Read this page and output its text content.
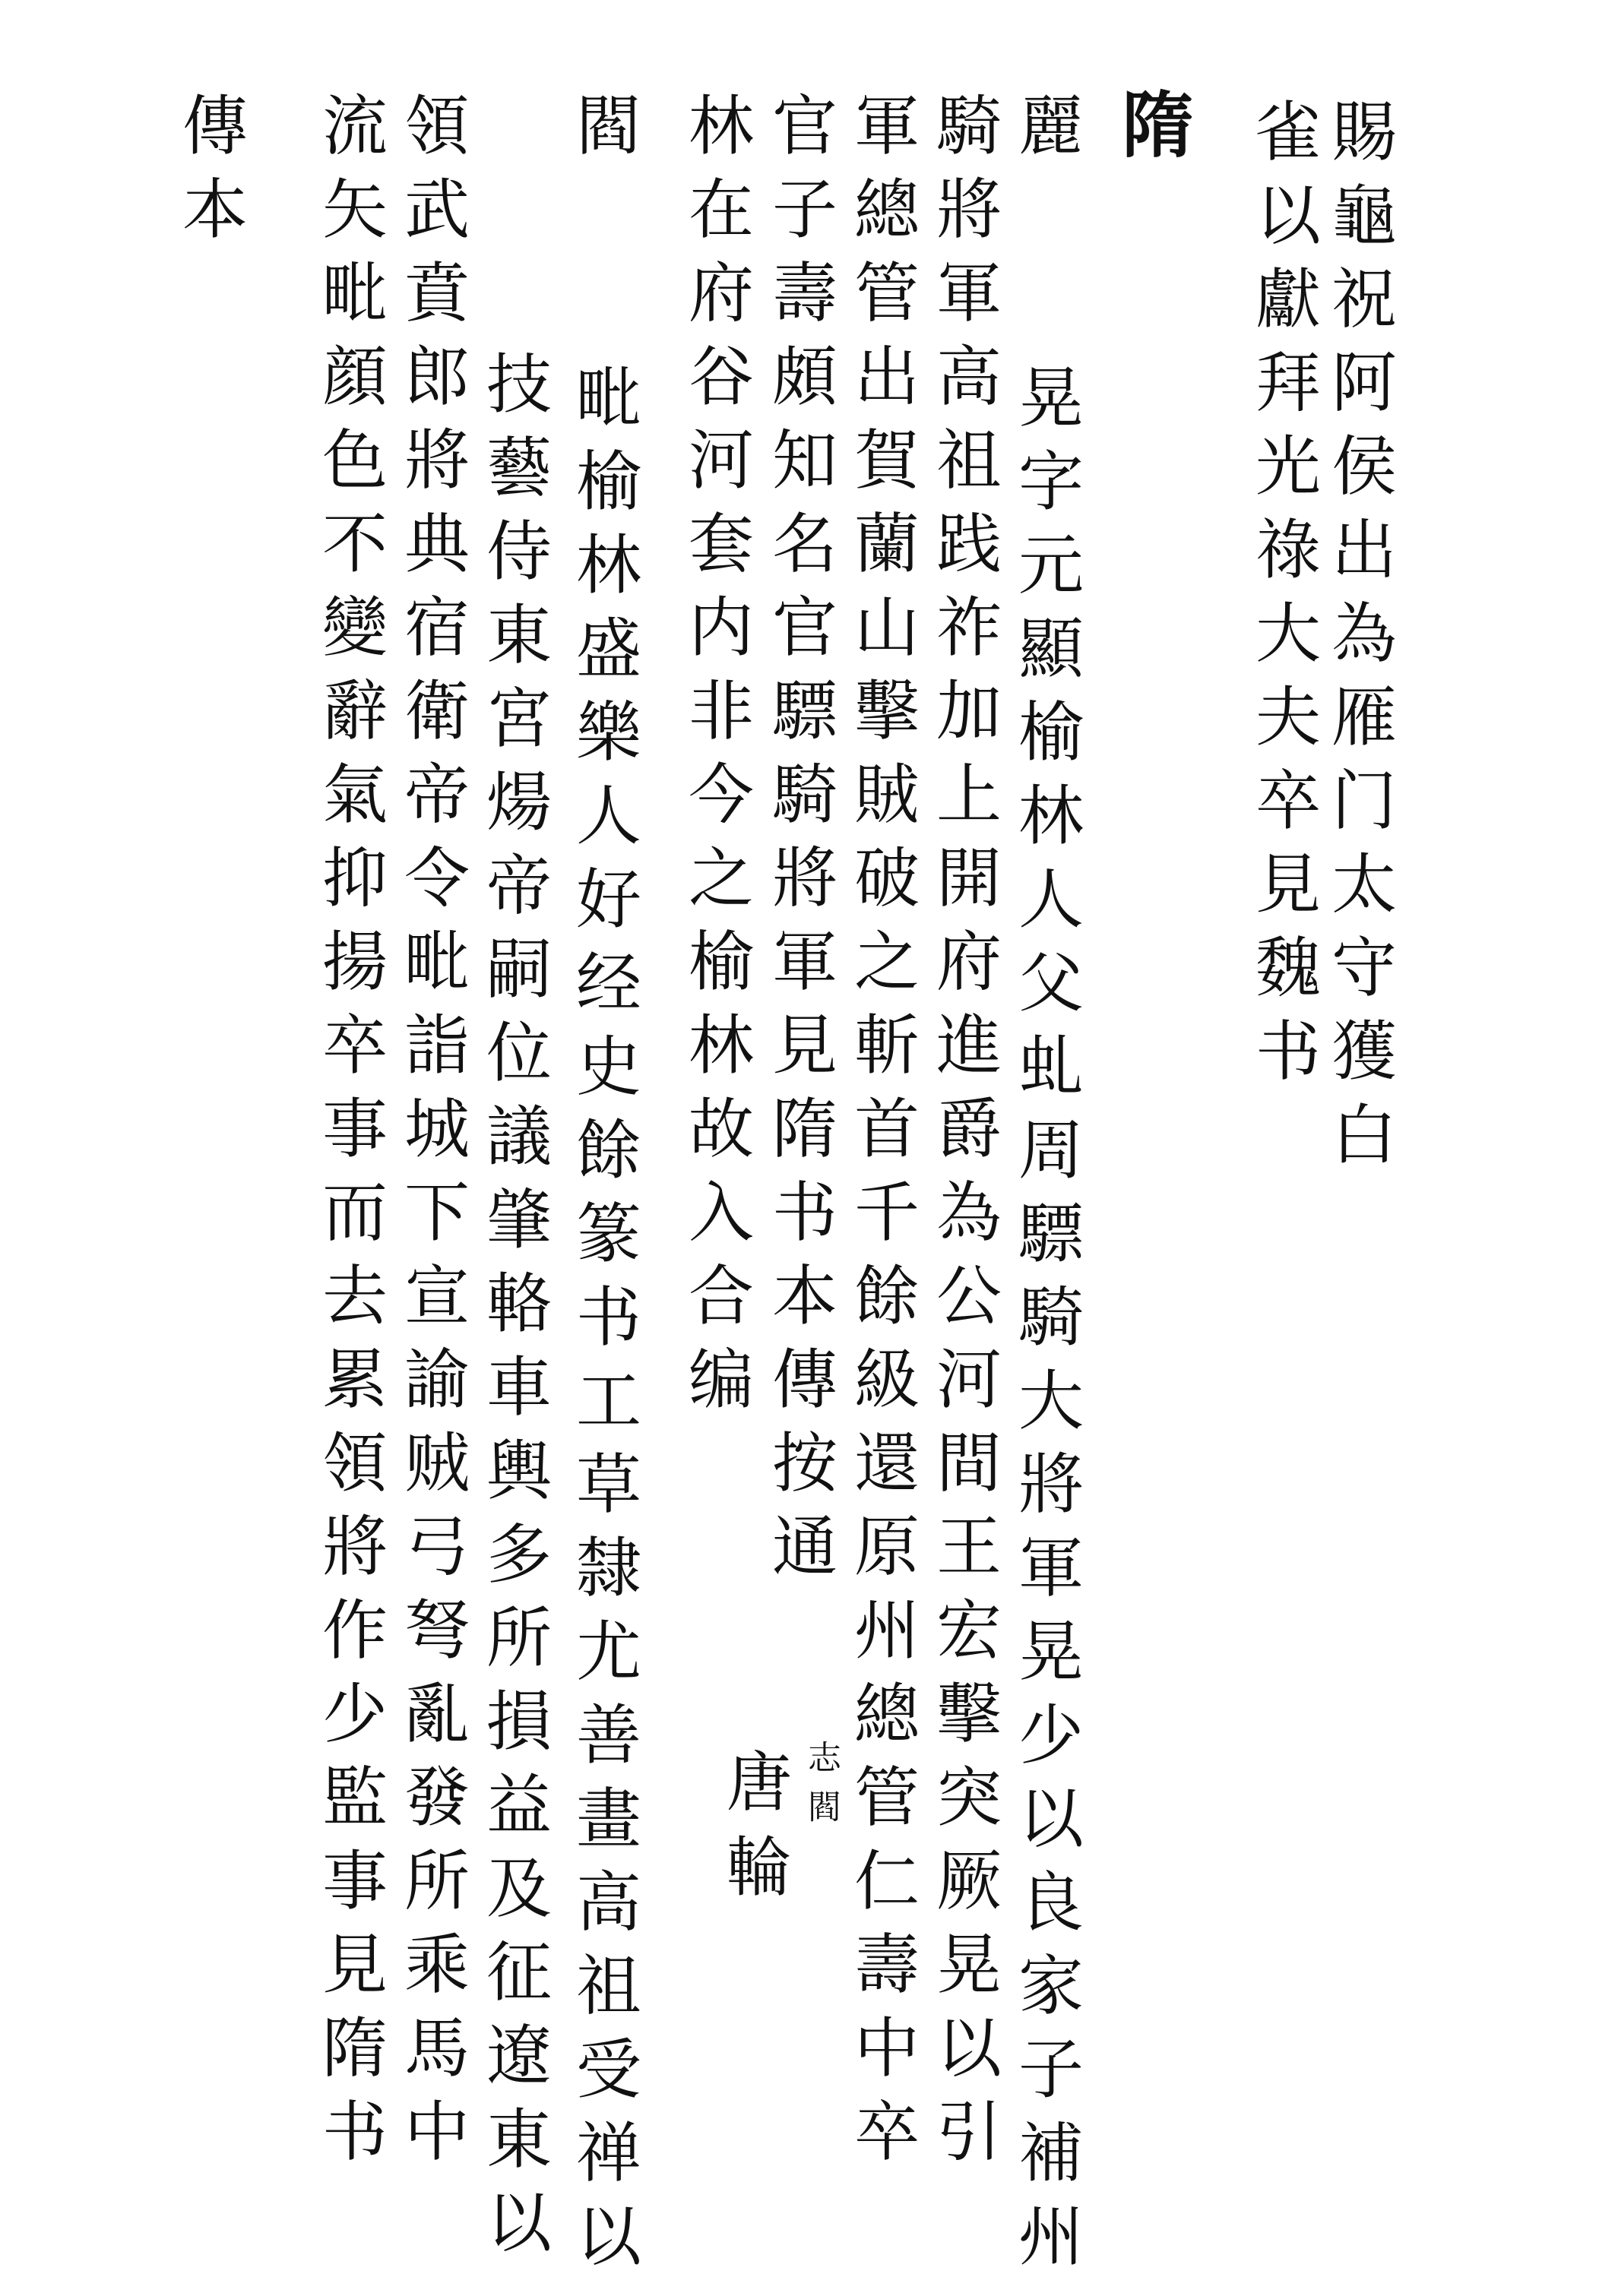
賜龜祝阿侯出為雁门太守獲白
雀以獻拜光祿大夫卒見魏书
隋
麗  晃字元顯榆林人父虬周驃騎大將軍晃少以良家子補州
騎將軍高祖践祚加上開府進爵為公河間王宏擊突厥晃以引
軍總管出賀蘭山擊賊破之斬首千餘級還原州總管仁壽中卒
官子壽頗知名官驃騎將軍見隋书本傳按通
林在府谷河套内非今之榆林故入合编
閻  毗榆林盛樂人好经史餘篆书工草隸尤善畫高祖受禅以
技藝侍東宮煬帝嗣位議肇輅車輿多所損益及征遼東以
領武賁郎將典宿衛帝令毗詣城下宣諭贼弓弩亂發所乘馬中
流矢毗顔色不變辭氣抑揚卒事而去累領將作少監事見隋书
傳本
志
閻
唐
輪
